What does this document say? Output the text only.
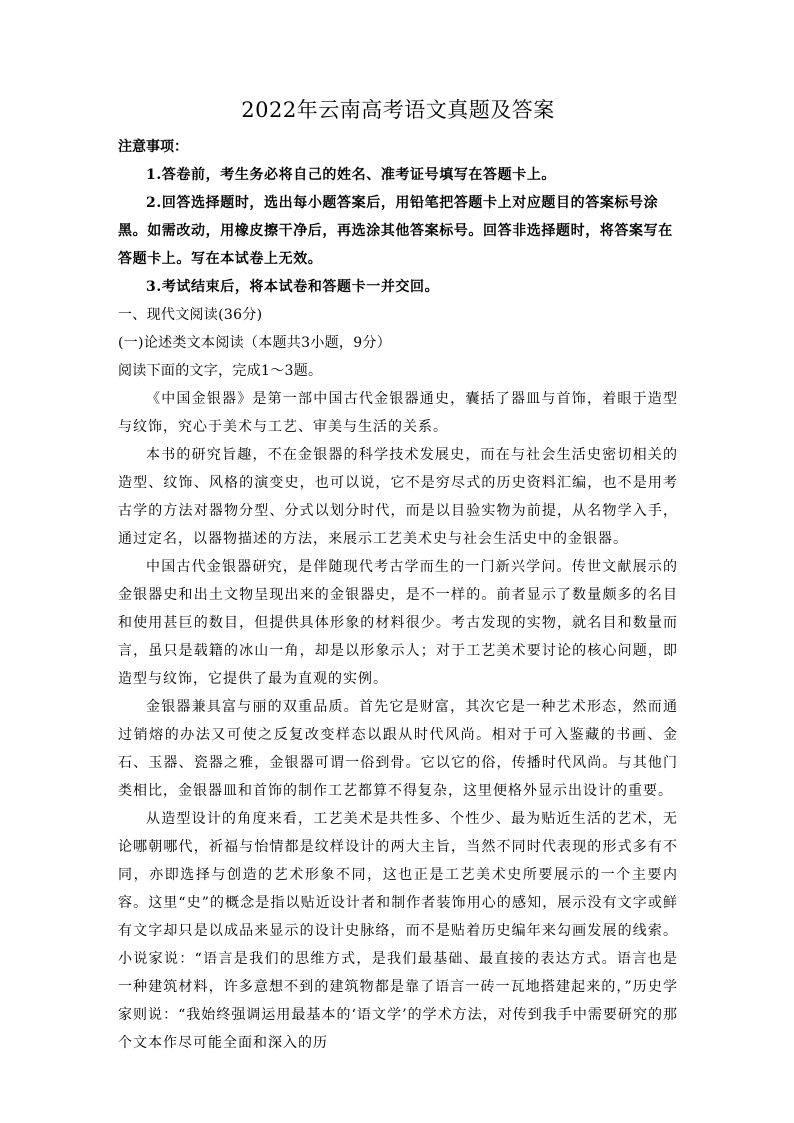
2022年云南高考语文真题及答案
注意事项：
1.答卷前，考生务必将自己的姓名、准考证号填写在答题卡上。
2.回答选择题时，选出每小题答案后，用铅笔把答题卡上对应题目的答案标号涂黑。如需改动，用橡皮擦干净后，再选涂其他答案标号。回答非选择题时，将答案写在答题卡上。写在本试卷上无效。
3.考试结束后，将本试卷和答题卡一并交回。
一、现代文阅读(36分)
(一)论述类文本阅读（本题共3小题，9分）
阅读下面的文字，完成1～3题。
《中国金银器》是第一部中国古代金银器通史，囊括了器皿与首饰，着眼于造型与纹饰，究心于美术与工艺、审美与生活的关系。
本书的研究旨趣，不在金银器的科学技术发展史，而在与社会生活史密切相关的造型、纹饰、风格的演变史，也可以说，它不是穷尽式的历史资料汇编，也不是用考古学的方法对器物分型、分式以划分时代，而是以目验实物为前提，从名物学入手，通过定名，以器物描述的方法，来展示工艺美术史与社会生活史中的金银器。
中国古代金银器研究，是伴随现代考古学而生的一门新兴学问。传世文献展示的金银器史和出土文物呈现出来的金银器史，是不一样的。前者显示了数量颇多的名目和使用甚巨的数目，但提供具体形象的材料很少。考古发现的实物，就名目和数量而言，虽只是载籍的冰山一角，却是以形象示人；对于工艺美术要讨论的核心问题，即造型与纹饰，它提供了最为直观的实例。
金银器兼具富与丽的双重品质。首先它是财富，其次它是一种艺术形态，然而通过销熔的办法又可使之反复改变样态以跟从时代风尚。相对于可入鉴藏的书画、金石、玉器、瓷器之雅，金银器可谓一俗到骨。它以它的俗，传播时代风尚。与其他门类相比，金银器皿和首饰的制作工艺都算不得复杂，这里便格外显示出设计的重要。
从造型设计的角度来看，工艺美术是共性多、个性少、最为贴近生活的艺术，无论哪朝哪代，祈福与怡情都是纹样设计的两大主旨，当然不同时代表现的形式多有不同，亦即选择与创造的艺术形象不同，这也正是工艺美术史所要展示的一个主要内容。这里“史”的概念是指以贴近设计者和制作者装饰用心的感知，展示没有文字或鲜有文字却只是以成品来显示的设计史脉络，而不是贴着历史编年来勾画发展的线索。小说家说：“语言是我们的思维方式，是我们最基础、最直接的表达方式。语言也是一种建筑材料，许多意想不到的建筑物都是靠了语言一砖一瓦地搭建起来的，”历史学家则说：“我始终强调运用最基本的‘语文学’的学术方法，对传到我手中需要研究的那个文本作尽可能全面和深入的历
